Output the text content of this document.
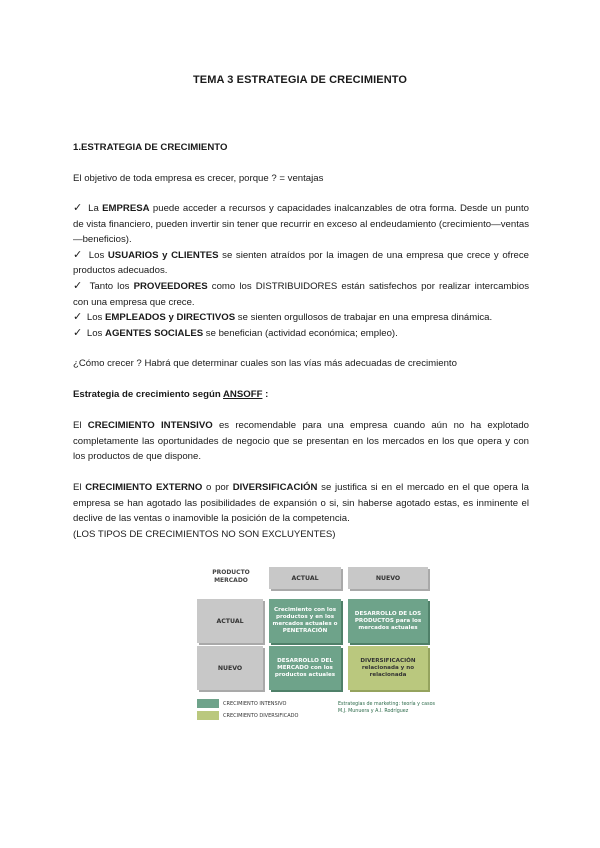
TEMA 3 ESTRATEGIA DE CRECIMIENTO
1.ESTRATEGIA DE CRECIMIENTO
El objetivo de toda empresa es crecer, porque ? = ventajas
✓ La EMPRESA puede acceder a recursos y capacidades inalcanzables de otra forma. Desde un punto de vista financiero, pueden invertir sin tener que recurrir en exceso al endeudamiento (crecimiento—ventas—beneficios).
✓ Los USUARIOS y CLIENTES se sienten atraídos por la imagen de una empresa que crece y ofrece productos adecuados.
✓ Tanto los PROVEEDORES como los DISTRIBUIDORES están satisfechos por realizar intercambios con una empresa que crece.
✓ Los EMPLEADOS y DIRECTIVOS se sienten orgullosos de trabajar en una empresa dinámica.
✓ Los AGENTES SOCIALES se benefician (actividad económica; empleo).
¿Cómo crecer ? Habrá que determinar cuales son las vías más adecuadas de crecimiento
Estrategia de crecimiento según ANSOFF :
El CRECIMIENTO INTENSIVO es recomendable para una empresa cuando aún no ha explotado completamente las oportunidades de negocio que se presentan en los mercados en los que opera y con los productos de que dispone.
El CRECIMIENTO EXTERNO o por DIVERSIFICACIÓN se justifica si en el mercado en el que opera la empresa se han agotado las posibilidades de expansión o si, sin haberse agotado estas, es inminente el declive de las ventas o inamovible la posición de la competencia.
(LOS TIPOS DE CRECIMIENTOS NO SON EXCLUYENTES)
PRODUCTO
MERCADO	ACTUAL	NUEVO
ACTUAL
NUEVO
Crecimiento con los productos y en los mercados actuales o PENETRACIÓN
DESARROLLO DE LOS PRODUCTOS para los mercados actuales
DESARROLLO DEL MERCADO con los productos actuales
DIVERSIFICACIÓN relacionada y no relacionada
CRECIMIENTO INTENSIVO
CRECIMIENTO DIVERSIFICADO
Estrategias de marketing: teoría y casos
M.J. Munuera y A.I. Rodríguez
